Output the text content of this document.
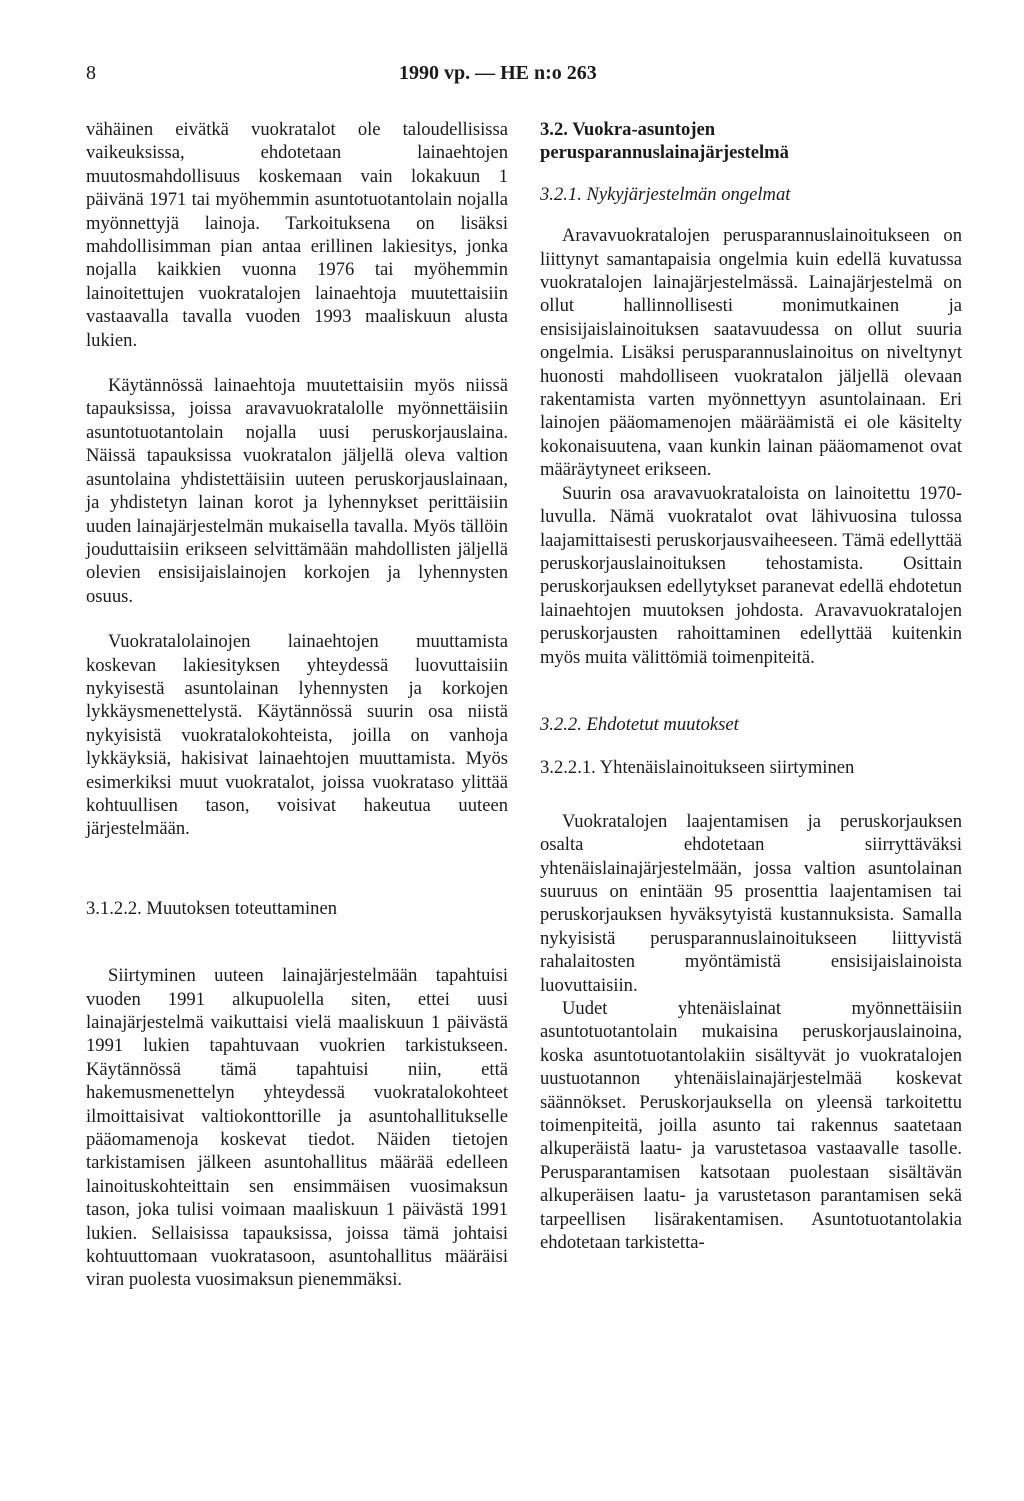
8	1990 vp. — HE n:o 263

vähäinen eivätkä vuokratalot ole taloudellisissa vaikeuksissa, ehdotetaan lainaehtojen muutosmahdollisuus koskemaan vain lokakuun 1 päivänä 1971 tai myöhemmin asuntotuotantolain nojalla myönnettyjä lainoja. Tarkoituksena on lisäksi mahdollisimman pian antaa erillinen lakiesitys, jonka nojalla kaikkien vuonna 1976 tai myöhemmin lainoitettujen vuokratalojen lainaehtoja muutettaisiin vastaavalla tavalla vuoden 1993 maaliskuun alusta lukien.

Käytännössä lainaehtoja muutettaisiin myös niissä tapauksissa, joissa aravavuokratalolle myönnettäisiin asuntotuotantolain nojalla uusi peruskorjauslaina. Näissä tapauksissa vuokratalon jäljellä oleva valtion asuntolaina yhdistettäisiin uuteen peruskorjauslainaan, ja yhdistetyn lainan korot ja lyhennykset perittäisiin uuden lainajärjestelmän mukaisella tavalla. Myös tällöin jouduttaisiin erikseen selvittämään mahdollisten jäljellä olevien ensisijaislainojen korkojen ja lyhennysten osuus.

Vuokratalolainojen lainaehtojen muuttamista koskevan lakiesityksen yhteydessä luovuttaisiin nykyisestä asuntolainan lyhennysten ja korkojen lykkäysmenettelystä. Käytännössä suurin osa niistä nykyisistä vuokratalokohteista, joilla on vanhoja lykkäyksiä, hakisivat lainaehtojen muuttamista. Myös esimerkiksi muut vuokratalot, joissa vuokrataso ylittää kohtuullisen tason, voisivat hakeutua uuteen järjestelmään.

3.1.2.2. Muutoksen toteuttaminen

Siirtyminen uuteen lainajärjestelmään tapahtuisi vuoden 1991 alkupuolella siten, ettei uusi lainajärjestelmä vaikuttaisi vielä maaliskuun 1 päivästä 1991 lukien tapahtuvaan vuokrien tarkistukseen. Käytännössä tämä tapahtuisi niin, että hakemusmenettelyn yhteydessä vuokratalokohteet ilmoittaisivat valtiokonttorille ja asuntohallitukselle pääomamenoja koskevat tiedot. Näiden tietojen tarkistamisen jälkeen asuntohallitus määrää edelleen lainoituskohteittain sen ensimmäisen vuosimaksun tason, joka tulisi voimaan maaliskuun 1 päivästä 1991 lukien. Sellaisissa tapauksissa, joissa tämä johtaisi kohtuuttomaan vuokratasoon, asuntohallitus määräisi viran puolesta vuosimaksun pienemmäksi.

3.2. Vuokra-asuntojen perusparannuslainajärjestelmä

3.2.1. Nykyjärjestelmän ongelmat

Aravavuokratalojen perusparannuslainoitukseen on liittynyt samantapaisia ongelmia kuin edellä kuvatussa vuokratalojen lainajärjestelmässä. Lainajärjestelmä on ollut hallinnollisesti monimutkainen ja ensisijaislainoituksen saatavuudessa on ollut suuria ongelmia. Lisäksi perusparannuslainoitus on niveltynyt huonosti mahdolliseen vuokratalon jäljellä olevaan rakentamista varten myönnettyyn asuntolainaan. Eri lainojen pääomamenojen määräämistä ei ole käsitelty kokonaisuutena, vaan kunkin lainan pääomamenot ovat määräytyneet erikseen.

Suurin osa aravavuokrataloista on lainoitettu 1970-luvulla. Nämä vuokratalot ovat lähivuosina tulossa laajamittaisesti peruskorjausvaiheeseen. Tämä edellyttää peruskorjauslainoituksen tehostamista. Osittain peruskorjauksen edellytykset paranevat edellä ehdotetun lainaehtojen muutoksen johdosta. Aravavuokratalojen peruskorjausten rahoittaminen edellyttää kuitenkin myös muita välittömiä toimenpiteitä.

3.2.2. Ehdotetut muutokset

3.2.2.1. Yhtenäislainoitukseen siirtyminen

Vuokratalojen laajentamisen ja peruskorjauksen osalta ehdotetaan siirryttäväksi yhtenäislainajärjestelmään, jossa valtion asuntolainan suuruus on enintään 95 prosenttia laajentamisen tai peruskorjauksen hyväksytyistä kustannuksista. Samalla nykyisistä perusparannuslainoitukseen liittyvistä rahalaitosten myöntämistä ensisijaislainoista luovuttaisiin.

Uudet yhtenäislainat myönnettäisiin asuntotuotantolain mukaisina peruskorjauslainoina, koska asuntotuotantolakiin sisältyvät jo vuokratalojen uustuotannon yhtenäislainajärjestelmää koskevat säännökset. Peruskorjauksella on yleensä tarkoitettu toimenpiteitä, joilla asunto tai rakennus saatetaan alkuperäistä laatu- ja varustetasoa vastaavalle tasolle. Perusparantamisen katsotaan puolestaan sisältävän alkuperäisen laatu- ja varustetason parantamisen sekä tarpeellisen lisärakentamisen. Asuntotuotantolakia ehdotetaan tarkistetta-
